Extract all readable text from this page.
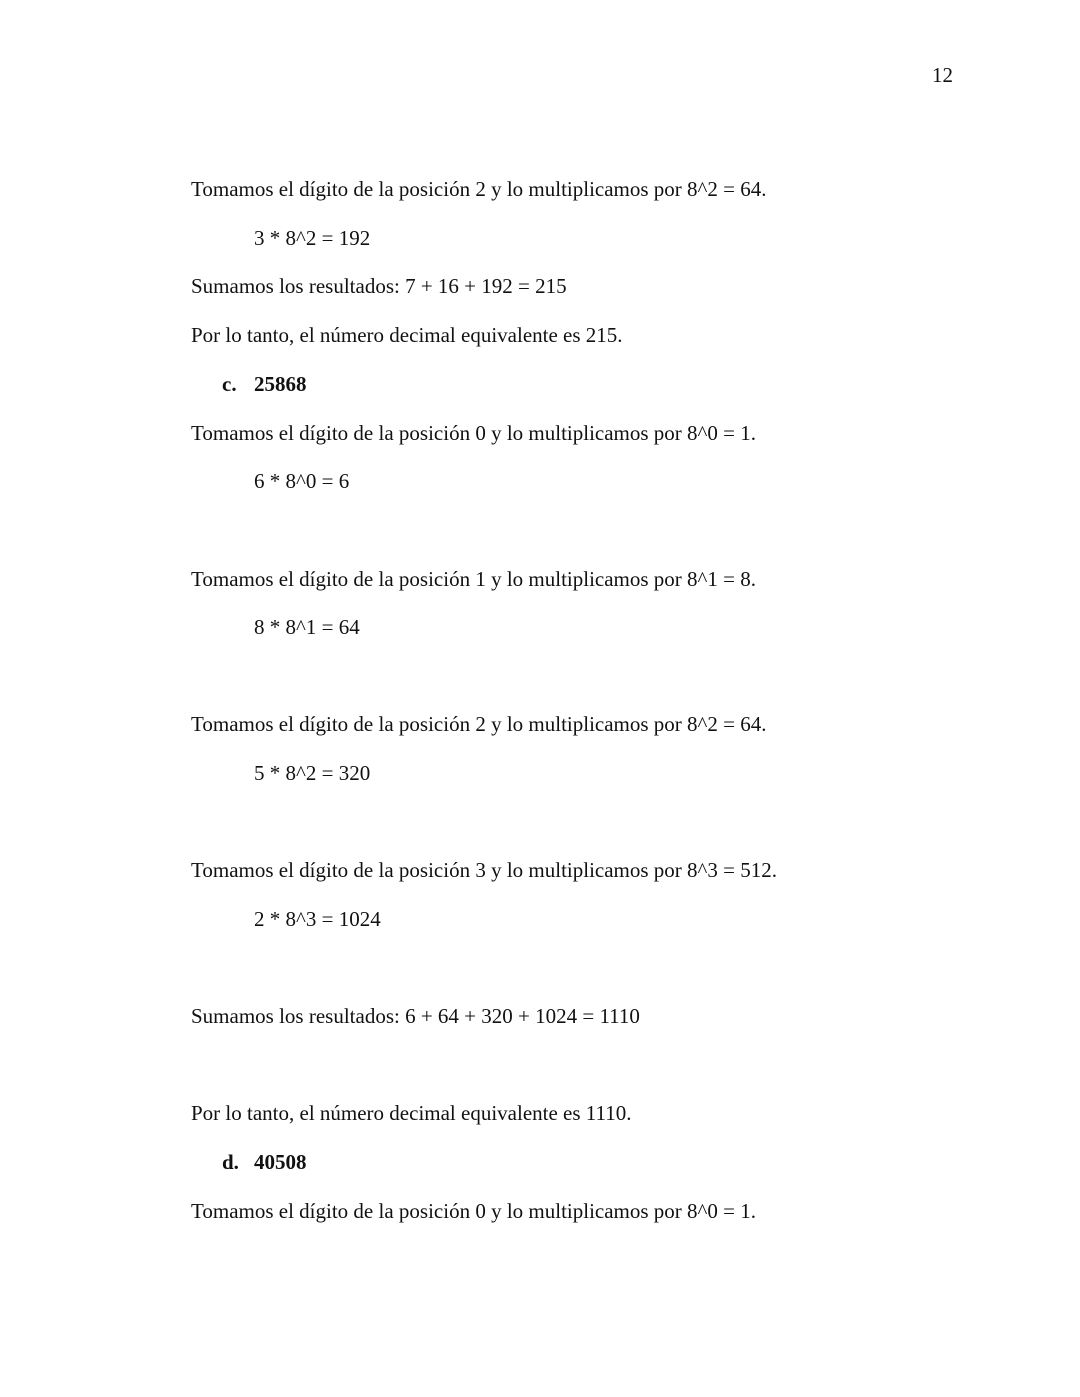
12
Tomamos el dígito de la posición 2 y lo multiplicamos por 8^2 = 64.
3 * 8^2 = 192
Sumamos los resultados: 7 + 16 + 192 = 215
Por lo tanto, el número decimal equivalente es 215.
c. 25868
Tomamos el dígito de la posición 0 y lo multiplicamos por 8^0 = 1.
6 * 8^0 = 6
Tomamos el dígito de la posición 1 y lo multiplicamos por 8^1 = 8.
8 * 8^1 = 64
Tomamos el dígito de la posición 2 y lo multiplicamos por 8^2 = 64.
5 * 8^2 = 320
Tomamos el dígito de la posición 3 y lo multiplicamos por 8^3 = 512.
2 * 8^3 = 1024
Sumamos los resultados: 6 + 64 + 320 + 1024 = 1110
Por lo tanto, el número decimal equivalente es 1110.
d. 40508
Tomamos el dígito de la posición 0 y lo multiplicamos por 8^0 = 1.
